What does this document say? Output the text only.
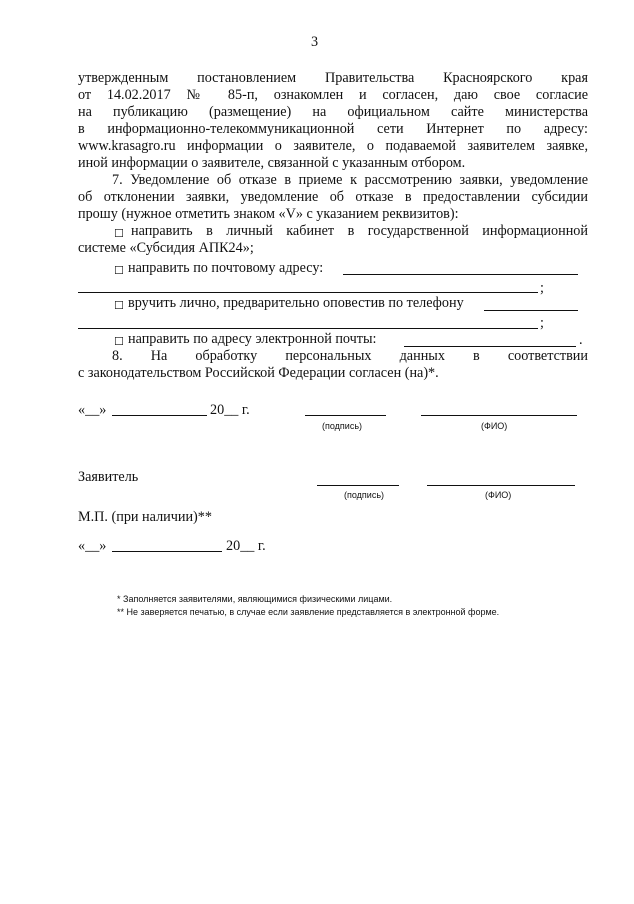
3
утвержденным постановлением Правительства Красноярского края
от 14.02.2017 № 85-п, ознакомлен и согласен, даю свое согласие
на публикацию (размещение) на официальном сайте министерства
в информационно-телекоммуникационной сети Интернет по адресу:
www.krasagro.ru информации о заявителе, о подаваемой заявителем заявке,
иной информации о заявителе, связанной с указанным отбором.
7. Уведомление об отказе в приеме к рассмотрению заявки, уведомление
об отклонении заявки, уведомление об отказе в предоставлении субсидии
прошу (нужное отметить знаком «V» с указанием реквизитов):
☐ направить в личный кабинет в государственной информационной
системе «Субсидия АПК24»;
☐ направить по почтовому адресу:
;
☐ вручить лично, предварительно оповестив по телефону
;
☐ направить по адресу электронной почты:	.
8. На обработку персональных данных в соответствии
с законодательством Российской Федерации согласен (на)*.
«__»	20__ г.
(подпись)	(ФИО)
Заявитель
(подпись)	(ФИО)
М.П. (при наличии)**
«__»	20__ г.
* Заполняется заявителями, являющимися физическими лицами.
** Не заверяется печатью, в случае если заявление представляется в электронной форме.
